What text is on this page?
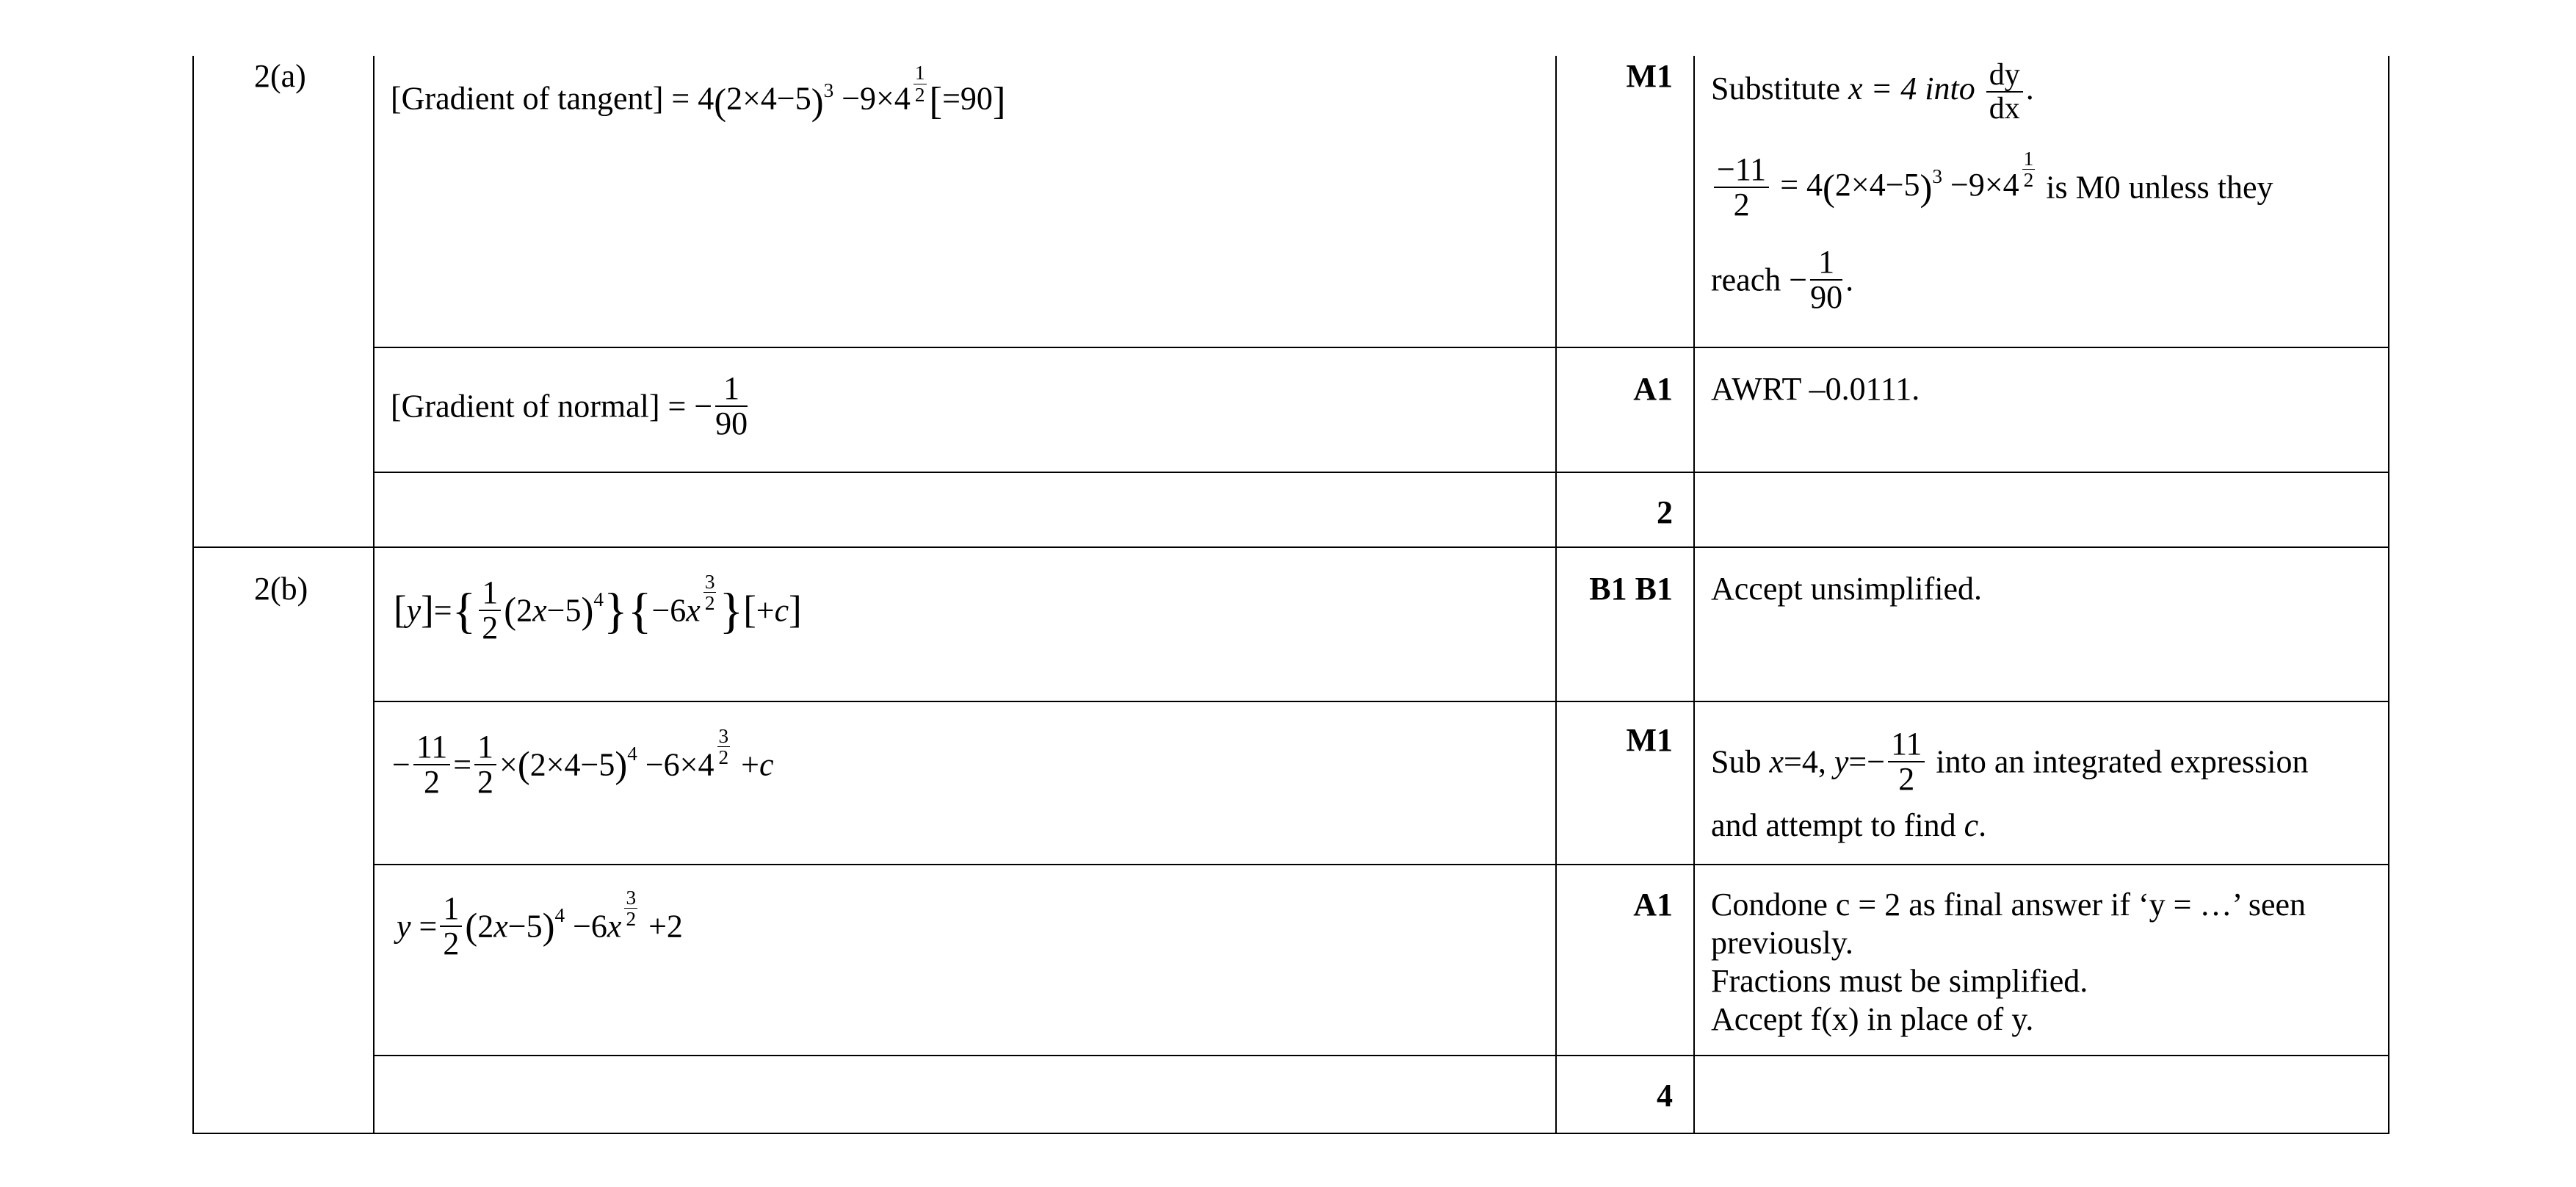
2(a)
[Gradient of tangent] = $4(2\times 4-5)^3 -9\times 4 \frac{1}{2} [=90]$
M1 Substitute x = 4 into $\frac{dy}{dx}$ .
$\frac{-11}{2} = 4(2\times 4-5)^3 -9\times 4 \frac{1}{2}$ is M0 unless they
reach − $\frac{1}{90}$ .
[Gradient of normal] = − $\frac{1}{90}$	A1 AWRT –0.0111.
2
2(b)
$[y]=\{ \frac{1}{2} (2x-5)^4\}\{-6x \frac{3}{2} \}[+c]$
B1 B1 Accept unsimplified.
− $\frac{11}{2} = \frac{1}{2} \times(2\times 4-5)^4 -6\times 4 \frac{3}{2} +c$
M1
Sub x=4, $y=- \frac{11}{2}$ into an integrated expression
and attempt to find c.
$y = \frac{1}{2} (2x-5)^4 -6x \frac{3}{2} +2$
A1 Condone c = 2 as final answer if ‘y = …’ seen
previously.
Fractions must be simplified.
Accept f(x) in place of y.
4
